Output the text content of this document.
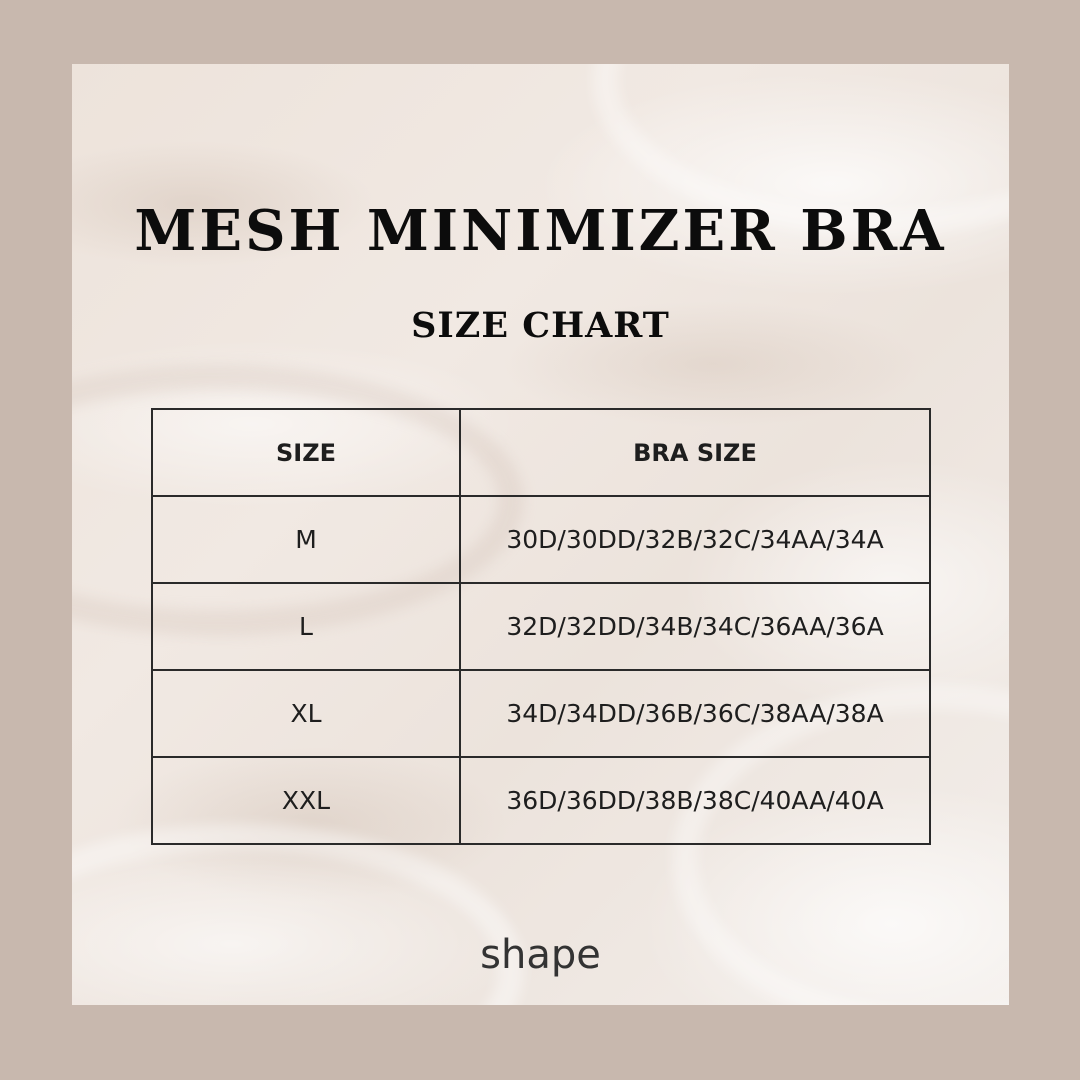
MESH MINIMIZER BRA
SIZE CHART
SIZE	BRA SIZE
M	30D/30DD/32B/32C/34AA/34A
L	32D/32DD/34B/34C/36AA/36A
XL	34D/34DD/36B/36C/38AA/38A
XXL	36D/36DD/38B/38C/40AA/40A
shape
